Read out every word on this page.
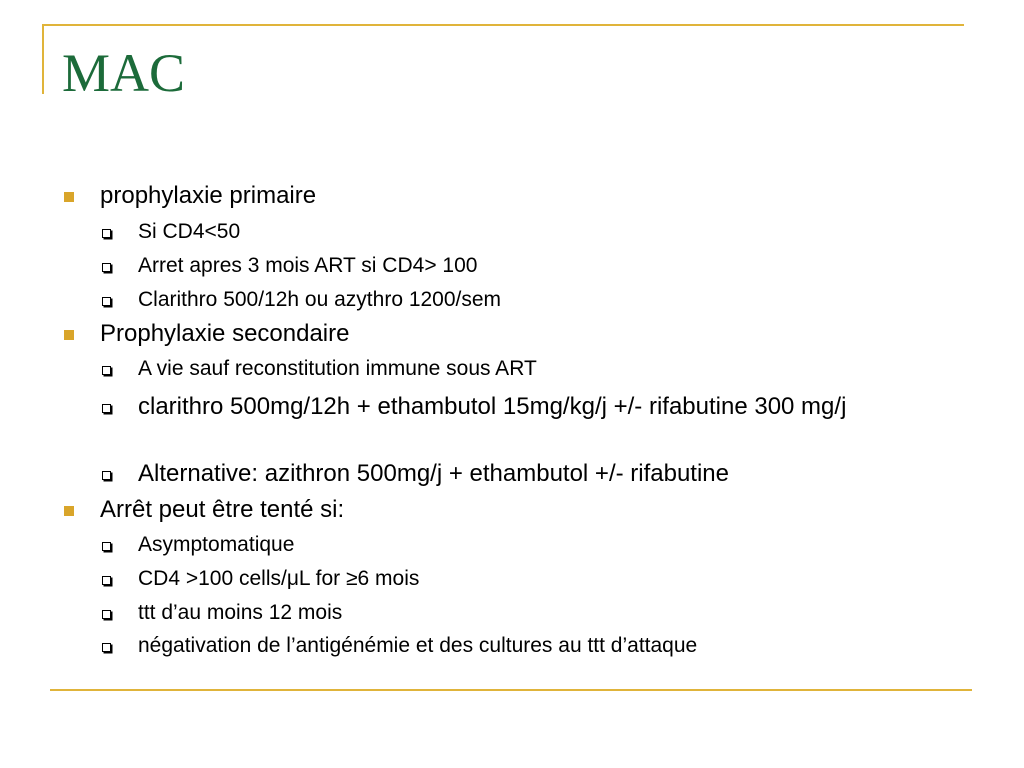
MAC
prophylaxie primaire
Si CD4<50
Arret apres 3 mois ART si CD4> 100
Clarithro 500/12h ou azythro 1200/sem
Prophylaxie secondaire
A vie sauf reconstitution immune sous ART
clarithro 500mg/12h + ethambutol 15mg/kg/j +/- rifabutine 300 mg/j
Alternative: azithron 500mg/j + ethambutol +/- rifabutine
Arrêt peut être tenté si:
Asymptomatique
CD4 >100 cells/μL for ≥6 mois
ttt d’au moins 12 mois
négativation de l’antigénémie et des cultures au ttt d’attaque
